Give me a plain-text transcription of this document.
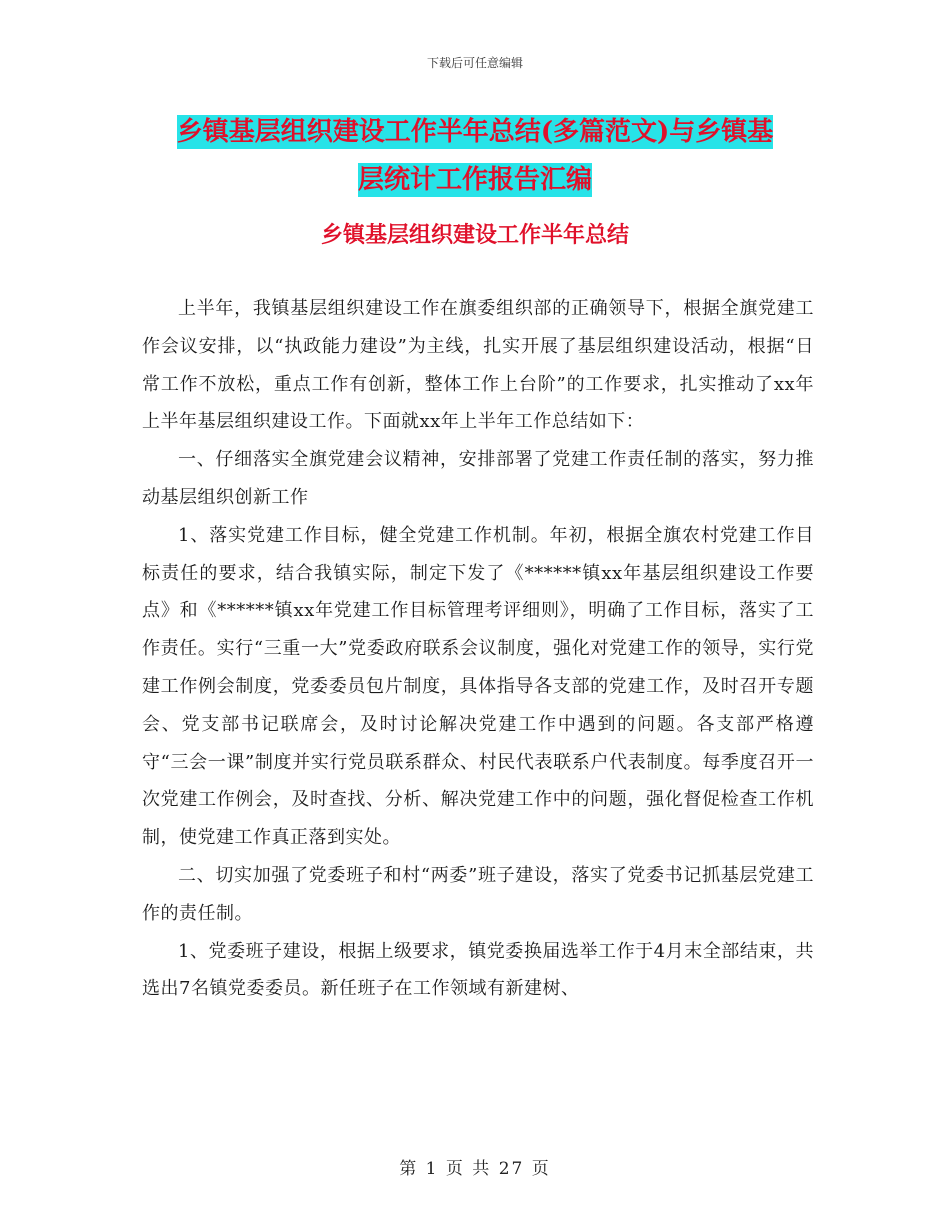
下载后可任意编辑
乡镇基层组织建设工作半年总结(多篇范文)与乡镇基
层统计工作报告汇编
乡镇基层组织建设工作半年总结

上半年，我镇基层组织建设工作在旗委组织部的正确领导下，根据全旗党建工作会议安排，以“执政能力建设”为主线，扎实开展了基层组织建设活动，根据“日常工作不放松，重点工作有创新，整体工作上台阶”的工作要求，扎实推动了xx年上半年基层组织建设工作。下面就xx年上半年工作总结如下：

一、仔细落实全旗党建会议精神，安排部署了党建工作责任制的落实，努力推动基层组织创新工作

1、落实党建工作目标，健全党建工作机制。年初，根据全旗农村党建工作目标责任的要求，结合我镇实际，制定下发了《******镇xx年基层组织建设工作要点》和《******镇xx年党建工作目标管理考评细则》，明确了工作目标，落实了工作责任。实行“三重一大”党委政府联系会议制度，强化对党建工作的领导，实行党建工作例会制度，党委委员包片制度，具体指导各支部的党建工作，及时召开专题会、党支部书记联席会，及时讨论解决党建工作中遇到的问题。各支部严格遵守“三会一课”制度并实行党员联系群众、村民代表联系户代表制度。每季度召开一次党建工作例会，及时查找、分析、解决党建工作中的问题，强化督促检查工作机制，使党建工作真正落到实处。

二、切实加强了党委班子和村“两委”班子建设，落实了党委书记抓基层党建工作的责任制。

1、党委班子建设，根据上级要求，镇党委换届选举工作于4月末全部结束，共选出7名镇党委委员。新任班子在工作领域有新建树、

第 1 页 共 27 页
